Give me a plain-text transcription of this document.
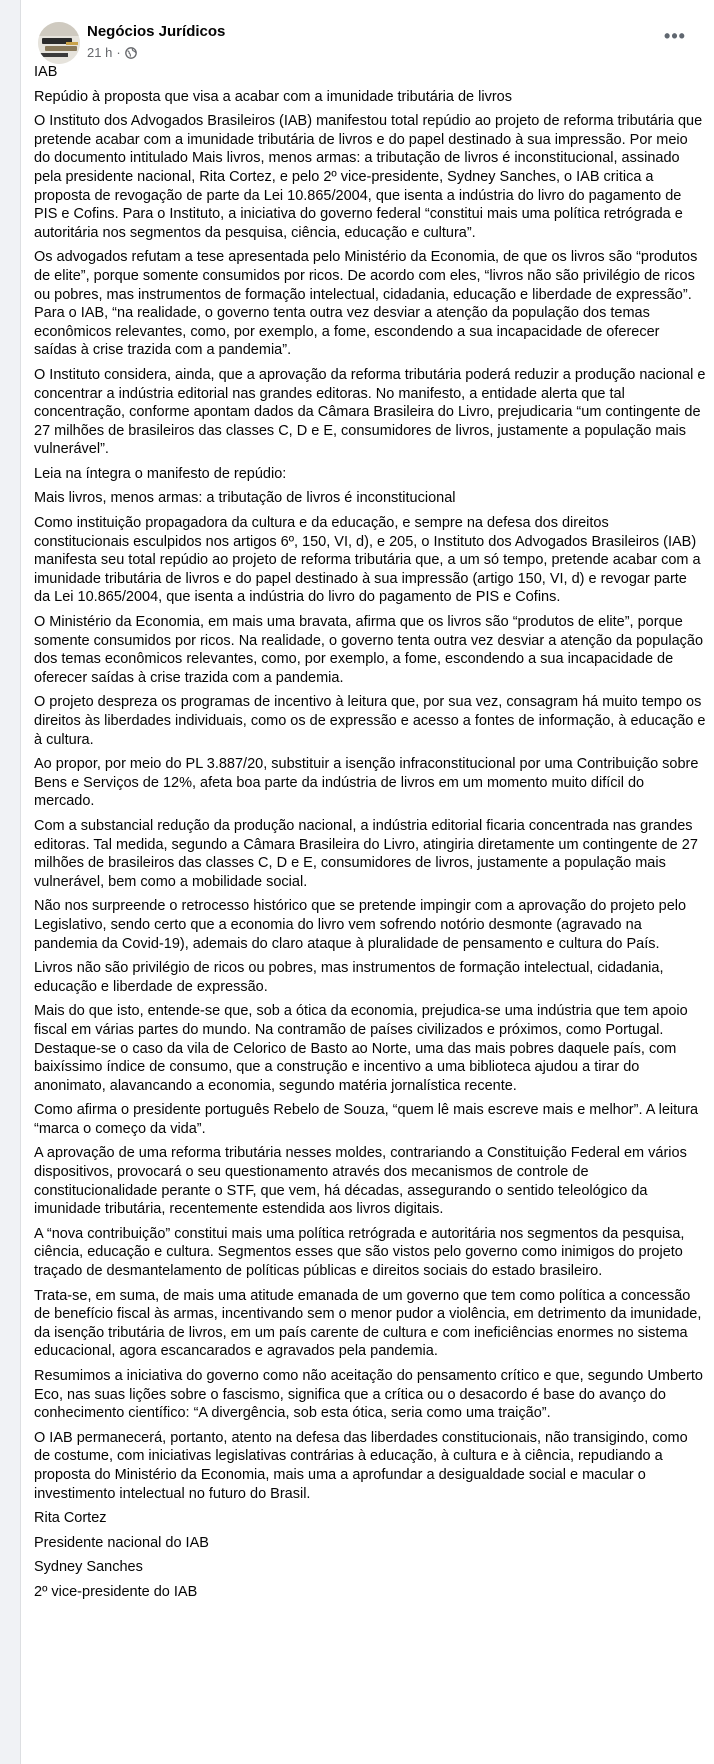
Negócios Jurídicos
21 h ·
•••

IAB

Repúdio à proposta que visa a acabar com a imunidade tributária de livros

O Instituto dos Advogados Brasileiros (IAB) manifestou total repúdio ao projeto de reforma tributária que pretende acabar com a imunidade tributária de livros e do papel destinado à sua impressão. Por meio do documento intitulado Mais livros, menos armas: a tributação de livros é inconstitucional, assinado pela presidente nacional, Rita Cortez, e pelo 2º vice-presidente, Sydney Sanches, o IAB critica a proposta de revogação de parte da Lei 10.865/2004, que isenta a indústria do livro do pagamento de PIS e Cofins. Para o Instituto, a iniciativa do governo federal “constitui mais uma política retrógrada e autoritária nos segmentos da pesquisa, ciência, educação e cultura”.

Os advogados refutam a tese apresentada pelo Ministério da Economia, de que os livros são “produtos de elite”, porque somente consumidos por ricos. De acordo com eles, “livros não são privilégio de ricos ou pobres, mas instrumentos de formação intelectual, cidadania, educação e liberdade de expressão”. Para o IAB, “na realidade, o governo tenta outra vez desviar a atenção da população dos temas econômicos relevantes, como, por exemplo, a fome, escondendo a sua incapacidade de oferecer saídas à crise trazida com a pandemia”.

O Instituto considera, ainda, que a aprovação da reforma tributária poderá reduzir a produção nacional e concentrar a indústria editorial nas grandes editoras. No manifesto, a entidade alerta que tal concentração, conforme apontam dados da Câmara Brasileira do Livro, prejudicaria “um contingente de 27 milhões de brasileiros das classes C, D e E, consumidores de livros, justamente a população mais vulnerável”.

Leia na íntegra o manifesto de repúdio:

Mais livros, menos armas: a tributação de livros é inconstitucional

Como instituição propagadora da cultura e da educação, e sempre na defesa dos direitos constitucionais esculpidos nos artigos 6º, 150, VI, d), e 205, o Instituto dos Advogados Brasileiros (IAB) manifesta seu total repúdio ao projeto de reforma tributária que, a um só tempo, pretende acabar com a imunidade tributária de livros e do papel destinado à sua impressão (artigo 150, VI, d) e revogar parte da Lei 10.865/2004, que isenta a indústria do livro do pagamento de PIS e Cofins.

O Ministério da Economia, em mais uma bravata, afirma que os livros são “produtos de elite”, porque somente consumidos por ricos. Na realidade, o governo tenta outra vez desviar a atenção da população dos temas econômicos relevantes, como, por exemplo, a fome, escondendo a sua incapacidade de oferecer saídas à crise trazida com a pandemia.

O projeto despreza os programas de incentivo à leitura que, por sua vez, consagram há muito tempo os direitos às liberdades individuais, como os de expressão e acesso a fontes de informação, à educação e à cultura.

Ao propor, por meio do PL 3.887/20, substituir a isenção infraconstitucional por uma Contribuição sobre Bens e Serviços de 12%, afeta boa parte da indústria de livros em um momento muito difícil do mercado.

Com a substancial redução da produção nacional, a indústria editorial ficaria concentrada nas grandes editoras. Tal medida, segundo a Câmara Brasileira do Livro, atingiria diretamente um contingente de 27 milhões de brasileiros das classes C, D e E, consumidores de livros, justamente a população mais vulnerável, bem como a mobilidade social.

Não nos surpreende o retrocesso histórico que se pretende impingir com a aprovação do projeto pelo Legislativo, sendo certo que a economia do livro vem sofrendo notório desmonte (agravado na pandemia da Covid-19), ademais do claro ataque à pluralidade de pensamento e cultura do País.

Livros não são privilégio de ricos ou pobres, mas instrumentos de formação intelectual, cidadania, educação e liberdade de expressão.

Mais do que isto, entende-se que, sob a ótica da economia, prejudica-se uma indústria que tem apoio fiscal em várias partes do mundo. Na contramão de países civilizados e próximos, como Portugal. Destaque-se o caso da vila de Celorico de Basto ao Norte, uma das mais pobres daquele país, com baixíssimo índice de consumo, que a construção e incentivo a uma biblioteca ajudou a tirar do anonimato, alavancando a economia, segundo matéria jornalística recente.

Como afirma o presidente português Rebelo de Souza, “quem lê mais escreve mais e melhor”. A leitura “marca o começo da vida”.

A aprovação de uma reforma tributária nesses moldes, contrariando a Constituição Federal em vários dispositivos, provocará o seu questionamento através dos mecanismos de controle de constitucionalidade perante o STF, que vem, há décadas, assegurando o sentido teleológico da imunidade tributária, recentemente estendida aos livros digitais.

A “nova contribuição” constitui mais uma política retrógrada e autoritária nos segmentos da pesquisa, ciência, educação e cultura. Segmentos esses que são vistos pelo governo como inimigos do projeto traçado de desmantelamento de políticas públicas e direitos sociais do estado brasileiro.

Trata-se, em suma, de mais uma atitude emanada de um governo que tem como política a concessão de benefício fiscal às armas, incentivando sem o menor pudor a violência, em detrimento da imunidade, da isenção tributária de livros, em um país carente de cultura e com ineficiências enormes no sistema educacional, agora escancarados e agravados pela pandemia.

Resumimos a iniciativa do governo como não aceitação do pensamento crítico e que, segundo Umberto Eco, nas suas lições sobre o fascismo, significa que a crítica ou o desacordo é base do avanço do conhecimento científico: “A divergência, sob esta ótica, seria como uma traição”.

O IAB permanecerá, portanto, atento na defesa das liberdades constitucionais, não transigindo, como de costume, com iniciativas legislativas contrárias à educação, à cultura e à ciência, repudiando a proposta do Ministério da Economia, mais uma a aprofundar a desigualdade social e macular o investimento intelectual no futuro do Brasil.

Rita Cortez

Presidente nacional do IAB

Sydney Sanches

2º vice-presidente do IAB
